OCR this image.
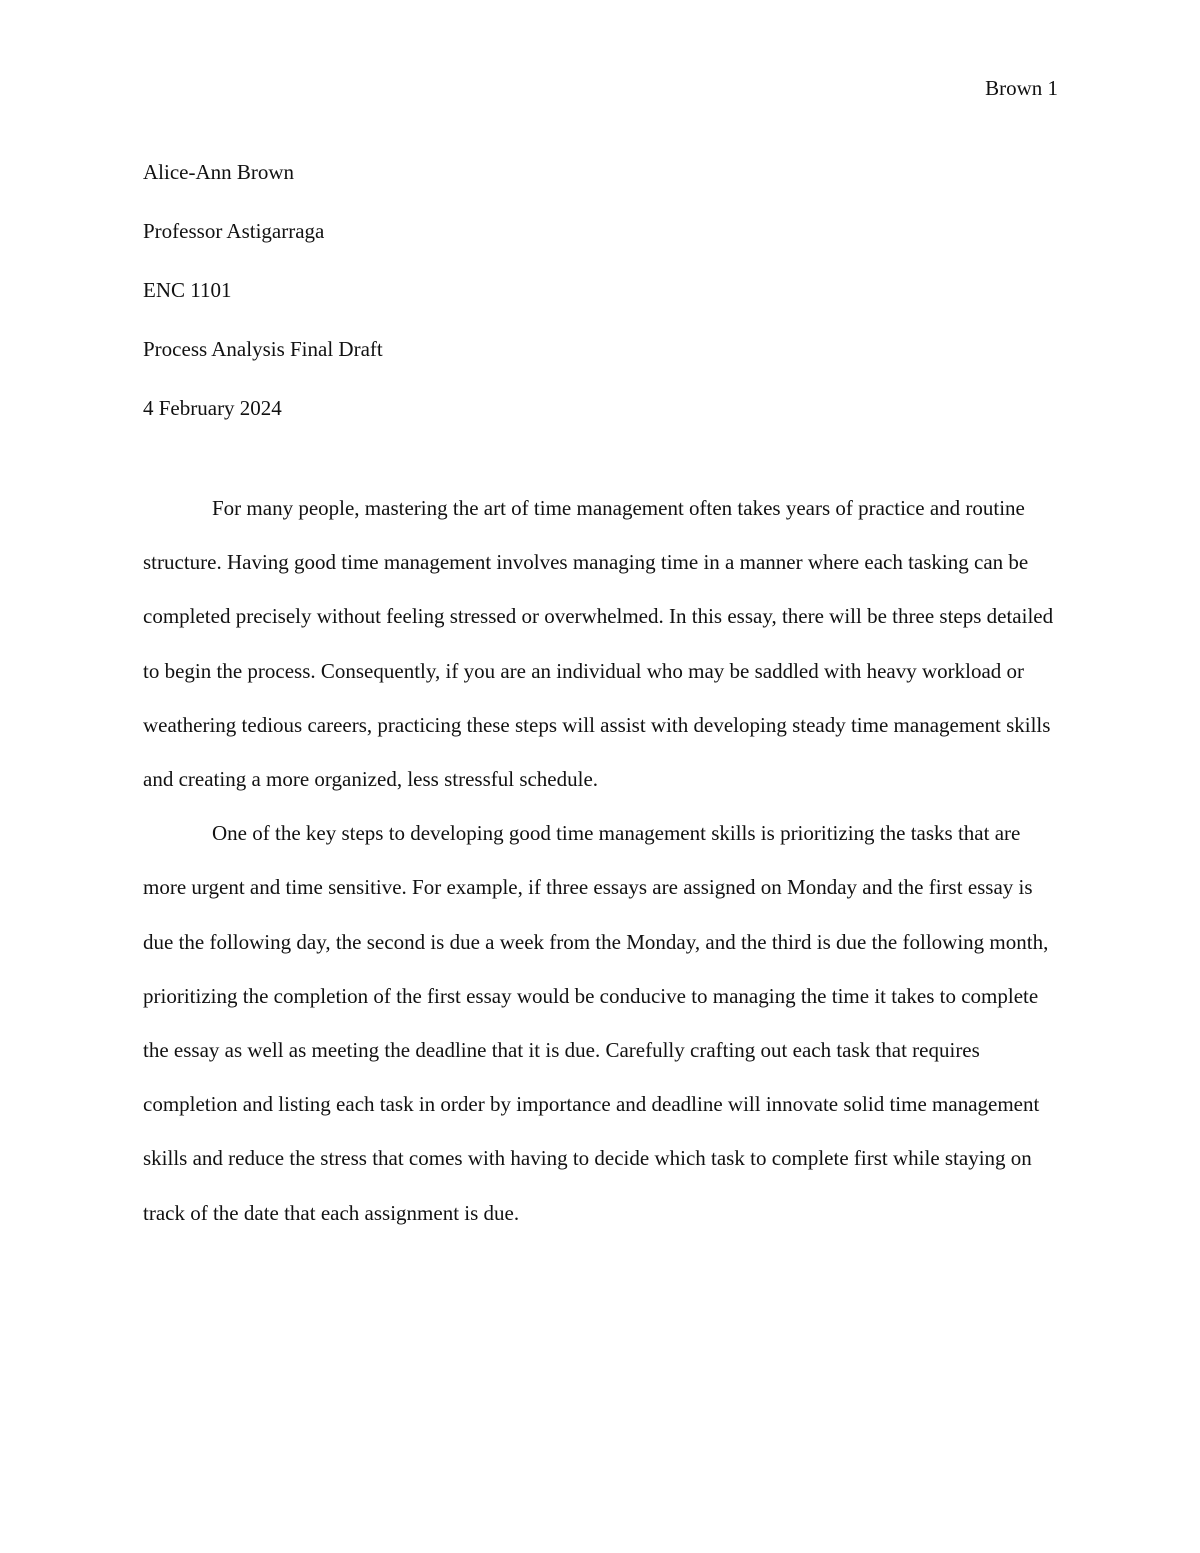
Brown 1
Alice-Ann Brown
Professor Astigarraga
ENC 1101
Process Analysis Final Draft
4 February 2024

For many people, mastering the art of time management often takes years of practice and routine structure. Having good time management involves managing time in a manner where each tasking can be completed precisely without feeling stressed or overwhelmed. In this essay, there will be three steps detailed to begin the process. Consequently, if you are an individual who may be saddled with heavy workload or weathering tedious careers, practicing these steps will assist with developing steady time management skills and creating a more organized, less stressful schedule.

One of the key steps to developing good time management skills is prioritizing the tasks that are more urgent and time sensitive. For example, if three essays are assigned on Monday and the first essay is due the following day, the second is due a week from the Monday, and the third is due the following month, prioritizing the completion of the first essay would be conducive to managing the time it takes to complete the essay as well as meeting the deadline that it is due. Carefully crafting out each task that requires completion and listing each task in order by importance and deadline will innovate solid time management skills and reduce the stress that comes with having to decide which task to complete first while staying on track of the date that each assignment is due.
